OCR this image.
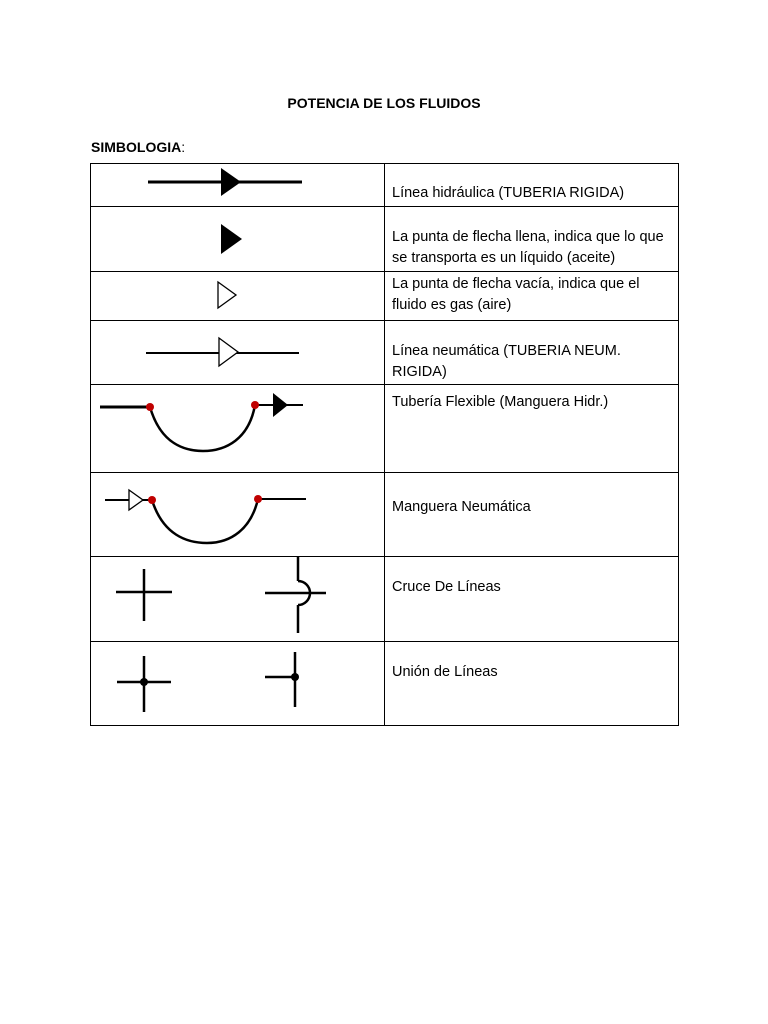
POTENCIA DE LOS FLUIDOS
SIMBOLOGIA:
	Línea hidráulica (TUBERIA RIGIDA)

	La punta de flecha llena, indica que lo que se transporta es un líquido (aceite)

	La punta de flecha vacía, indica que el fluido es gas (aire)

	Línea neumática (TUBERIA NEUM. RIGIDA)

	Tubería Flexible (Manguera Hidr.)

	Manguera Neumática

	Cruce De Líneas

	Unión de Líneas
